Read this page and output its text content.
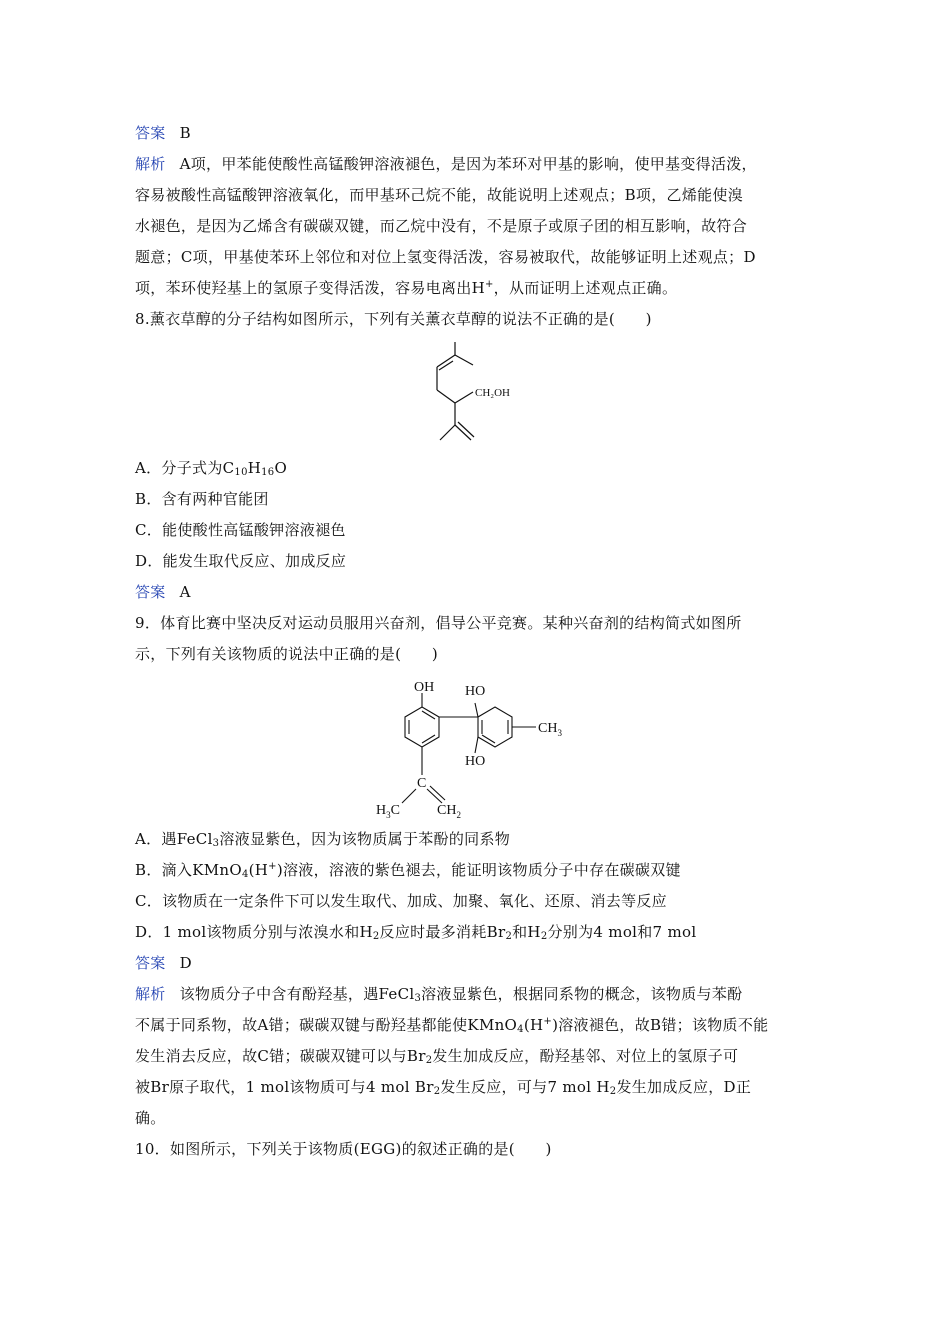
答案 B
解析 A项，甲苯能使酸性高锰酸钾溶液褪色，是因为苯环对甲基的影响，使甲基变得活泼，
容易被酸性高锰酸钾溶液氧化，而甲基环己烷不能，故能说明上述观点；B项，乙烯能使溴
水褪色，是因为乙烯含有碳碳双键，而乙烷中没有，不是原子或原子团的相互影响，故符合
题意；C项，甲基使苯环上邻位和对位上氢变得活泼，容易被取代，故能够证明上述观点；D
项，苯环使羟基上的氢原子变得活泼，容易电离出H+，从而证明上述观点正确。
8.薰衣草醇的分子结构如图所示，下列有关薰衣草醇的说法不正确的是(　　)
CH₂OH
A．分子式为$C_{10}H_{16}O$
B．含有两种官能团
C．能使酸性高锰酸钾溶液褪色
D．能发生取代反应、加成反应
答案 A
9．体育比赛中坚决反对运动员服用兴奋剂，倡导公平竞赛。某种兴奋剂的结构简式如图所
示，下列有关该物质的说法中正确的是(　　)
OH HO
HO
$CH_3$
C
$H_3C$	$CH_2$
A．遇FeCl$_3$溶液显紫色，因为该物质属于苯酚的同系物
B．滴入KMnO$_4$(H+)溶液，溶液的紫色褪去，能证明该物质分子中存在碳碳双键
C．该物质在一定条件下可以发生取代、加成、加聚、氧化、还原、消去等反应
D．1 mol该物质分别与浓溴水和$H_2$反应时最多消耗$Br_2$和$H_2$分别为4 mol和7 mol
答案 D
解析 该物质分子中含有酚羟基，遇FeCl$_3$溶液显紫色，根据同系物的概念，该物质与苯酚
不属于同系物，故A错；碳碳双键与酚羟基都能使KMnO$_4$(H+)溶液褪色，故B错；该物质不能
发生消去反应，故C错；碳碳双键可以与$Br_2$发生加成反应，酚羟基邻、对位上的氢原子可
被Br原子取代，1 mol该物质可与4 mol $Br_2$发生反应，可与7 mol $H_2$发生加成反应，D正
确。
10．如图所示，下列关于该物质(EGG)的叙述正确的是(　　)
